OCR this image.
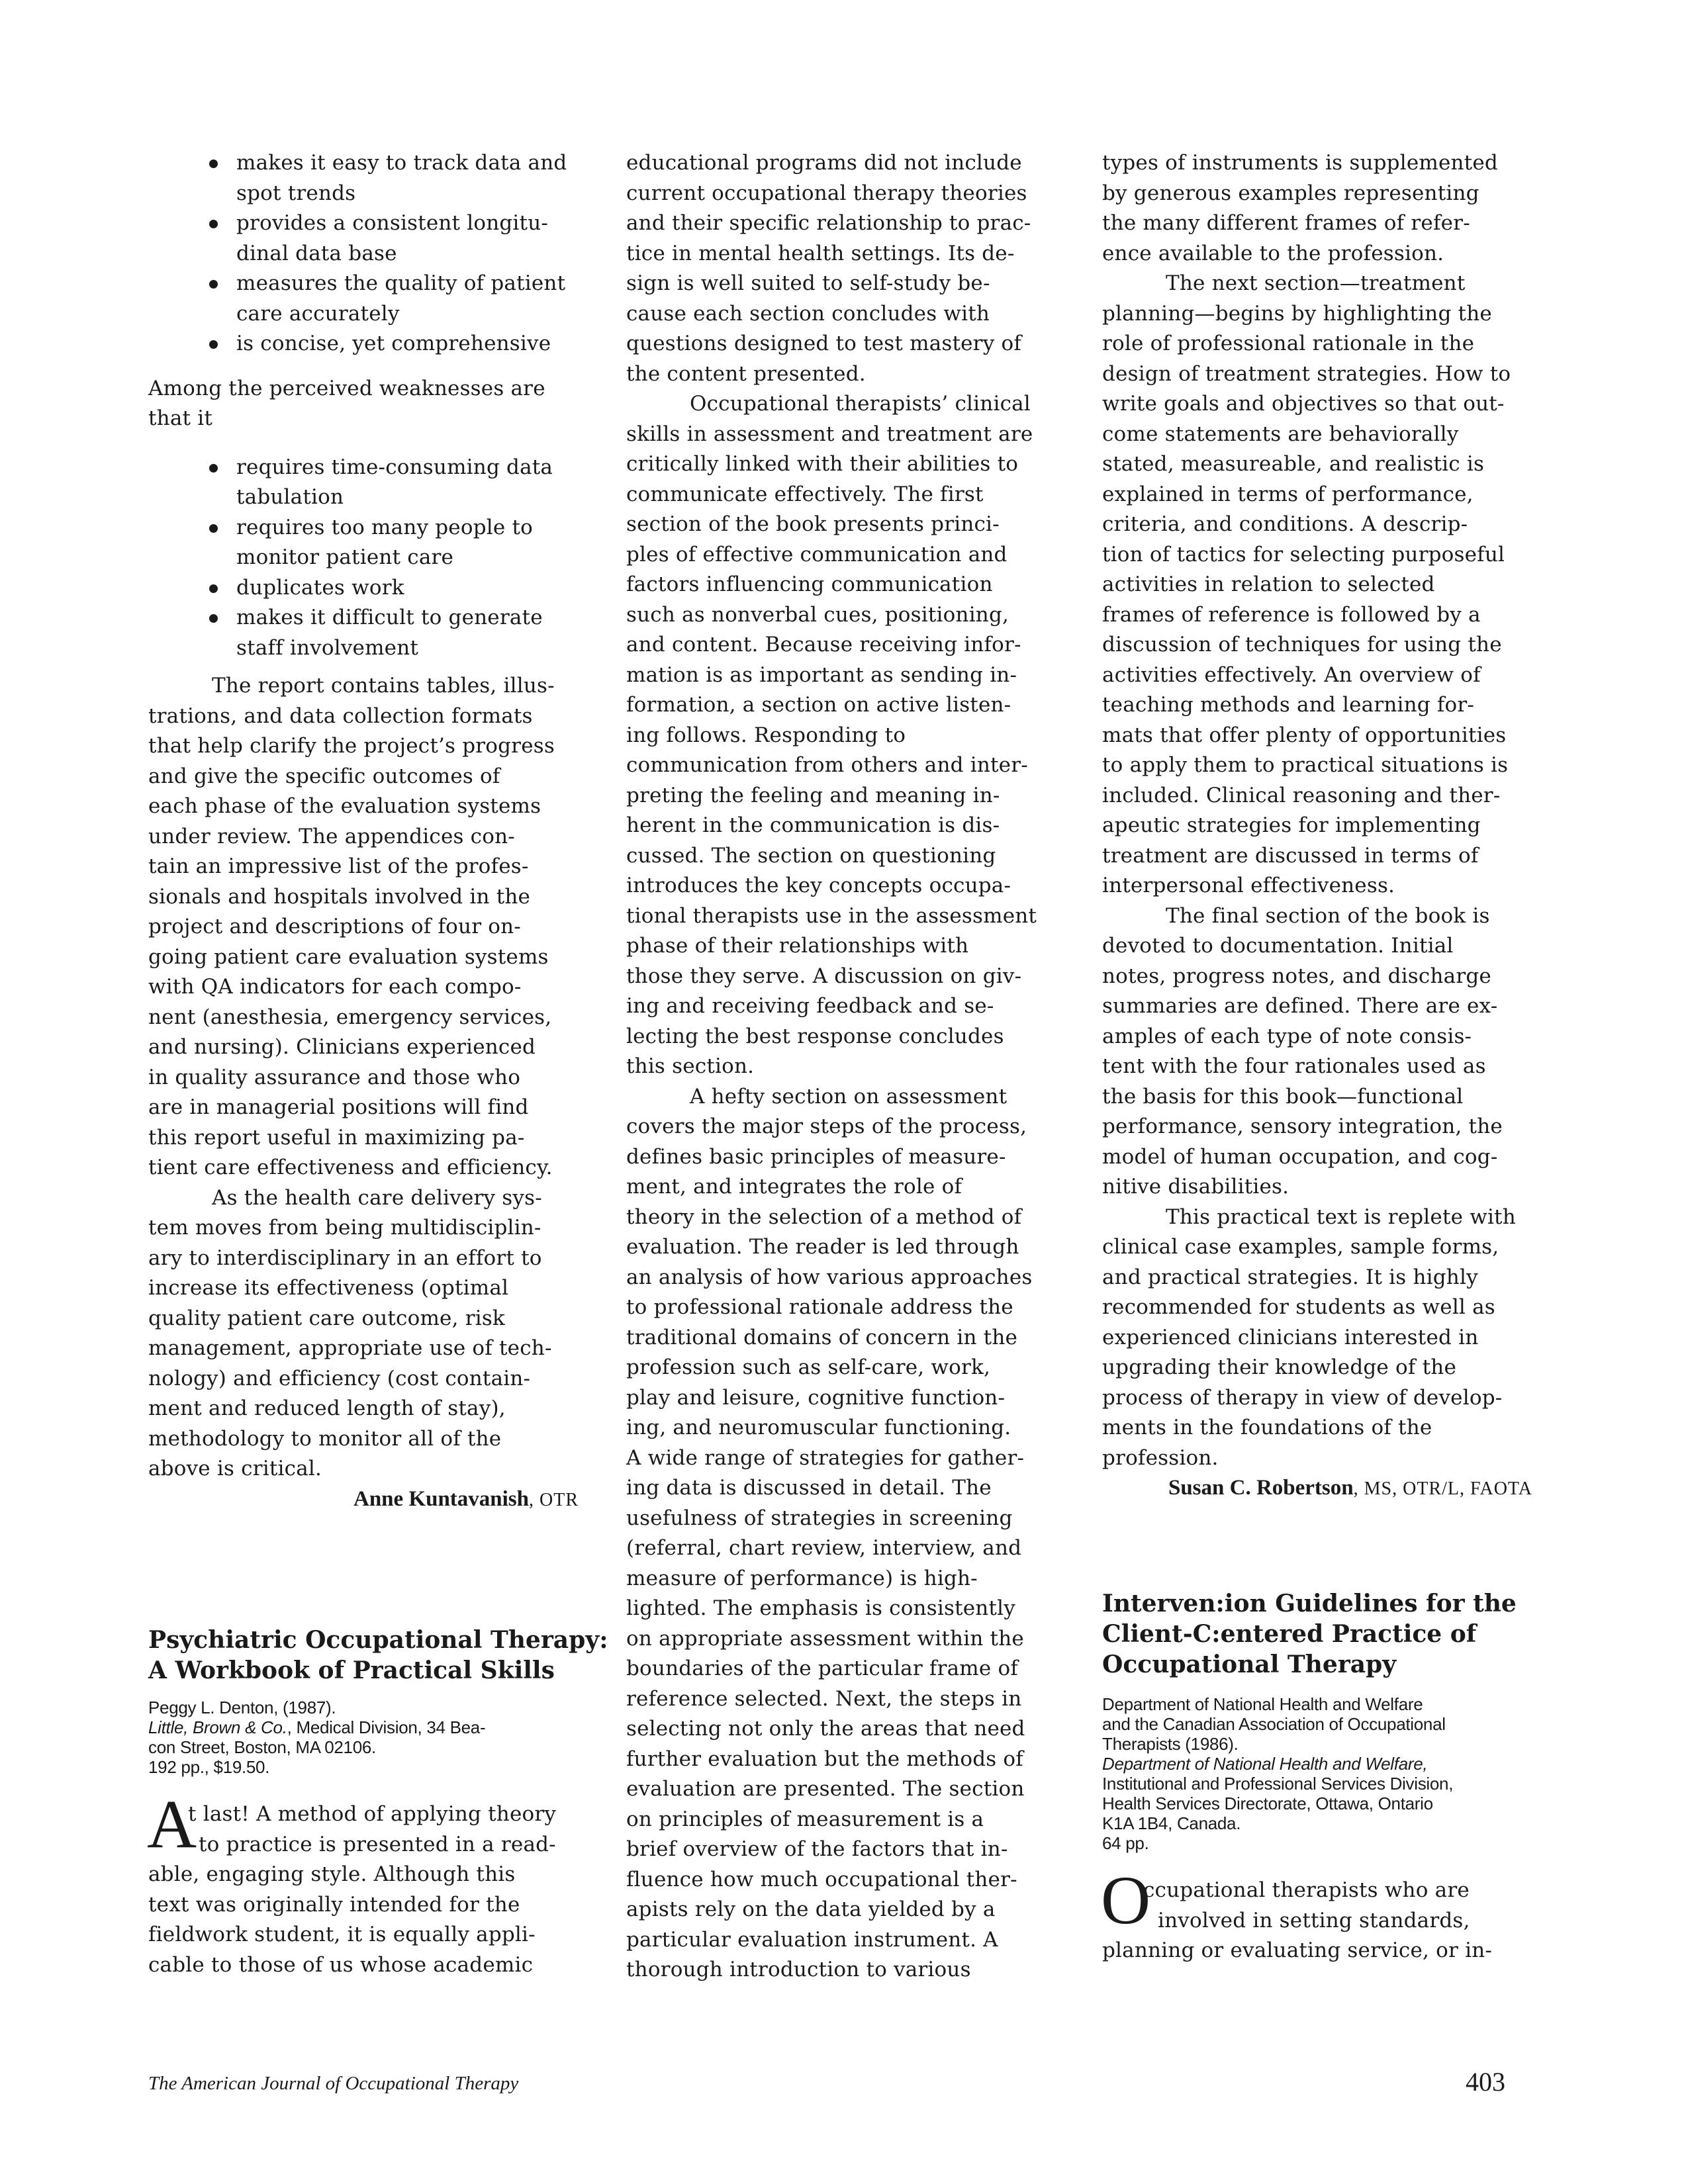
makes it easy to track data and
spot trends
provides a consistent longitu-
dinal data base
measures the quality of patient
care accurately
is concise, yet comprehensive
Among the perceived weaknesses are
that it
requires time-consuming data
tabulation
requires too many people to
monitor patient care
duplicates work
makes it difficult to generate
staff involvement
The report contains tables, illus-
trations, and data collection formats
that help clarify the project’s progress
and give the specific outcomes of
each phase of the evaluation systems
under review. The appendices con-
tain an impressive list of the profes-
sionals and hospitals involved in the
project and descriptions of four on-
going patient care evaluation systems
with QA indicators for each compo-
nent (anesthesia, emergency services,
and nursing). Clinicians experienced
in quality assurance and those who
are in managerial positions will find
this report useful in maximizing pa-
tient care effectiveness and efficiency.
As the health care delivery sys-
tem moves from being multidisciplin-
ary to interdisciplinary in an effort to
increase its effectiveness (optimal
quality patient care outcome, risk
management, appropriate use of tech-
nology) and efficiency (cost contain-
ment and reduced length of stay),
methodology to monitor all of the
above is critical.
Anne Kuntavanish, OTR
Psychiatric Occupational Therapy:
A Workbook of Practical Skills
Peggy L. Denton, (1987).
Little, Brown & Co., Medical Division, 34 Bea-
con Street, Boston, MA 02106.
192 pp., $19.50.
A
t last! A method of applying theory
to practice is presented in a read-
able, engaging style. Although this
text was originally intended for the
fieldwork student, it is equally appli-
cable to those of us whose academic
educational programs did not include
current occupational therapy theories
and their specific relationship to prac-
tice in mental health settings. Its de-
sign is well suited to self-study be-
cause each section concludes with
questions designed to test mastery of
the content presented.
Occupational therapists’ clinical
skills in assessment and treatment are
critically linked with their abilities to
communicate effectively. The first
section of the book presents princi-
ples of effective communication and
factors influencing communication
such as nonverbal cues, positioning,
and content. Because receiving infor-
mation is as important as sending in-
formation, a section on active listen-
ing follows. Responding to
communication from others and inter-
preting the feeling and meaning in-
herent in the communication is dis-
cussed. The section on questioning
introduces the key concepts occupa-
tional therapists use in the assessment
phase of their relationships with
those they serve. A discussion on giv-
ing and receiving feedback and se-
lecting the best response concludes
this section.
A hefty section on assessment
covers the major steps of the process,
defines basic principles of measure-
ment, and integrates the role of
theory in the selection of a method of
evaluation. The reader is led through
an analysis of how various approaches
to professional rationale address the
traditional domains of concern in the
profession such as self-care, work,
play and leisure, cognitive function-
ing, and neuromuscular functioning.
A wide range of strategies for gather-
ing data is discussed in detail. The
usefulness of strategies in screening
(referral, chart review, interview, and
measure of performance) is high-
lighted. The emphasis is consistently
on appropriate assessment within the
boundaries of the particular frame of
reference selected. Next, the steps in
selecting not only the areas that need
further evaluation but the methods of
evaluation are presented. The section
on principles of measurement is a
brief overview of the factors that in-
fluence how much occupational ther-
apists rely on the data yielded by a
particular evaluation instrument. A
thorough introduction to various
types of instruments is supplemented
by generous examples representing
the many different frames of refer-
ence available to the profession.
The next section—treatment
planning—begins by highlighting the
role of professional rationale in the
design of treatment strategies. How to
write goals and objectives so that out-
come statements are behaviorally
stated, measureable, and realistic is
explained in terms of performance,
criteria, and conditions. A descrip-
tion of tactics for selecting purposeful
activities in relation to selected
frames of reference is followed by a
discussion of techniques for using the
activities effectively. An overview of
teaching methods and learning for-
mats that offer plenty of opportunities
to apply them to practical situations is
included. Clinical reasoning and ther-
apeutic strategies for implementing
treatment are discussed in terms of
interpersonal effectiveness.
The final section of the book is
devoted to documentation. Initial
notes, progress notes, and discharge
summaries are defined. There are ex-
amples of each type of note consis-
tent with the four rationales used as
the basis for this book—functional
performance, sensory integration, the
model of human occupation, and cog-
nitive disabilities.
This practical text is replete with
clinical case examples, sample forms,
and practical strategies. It is highly
recommended for students as well as
experienced clinicians interested in
upgrading their knowledge of the
process of therapy in view of develop-
ments in the foundations of the
profession.
Susan C. Robertson, MS, OTR/L, FAOTA
Interven:ion Guidelines for the
Client-C:entered Practice of
Occupational Therapy
Department of National Health and Welfare
and the Canadian Association of Occupational
Therapists (1986).
Department of National Health and Welfare,
Institutional and Professional Services Division,
Health Services Directorate, Ottawa, Ontario
K1A 1B4, Canada.
64 pp.
O
ccupational therapists who are
involved in setting standards,
planning or evaluating service, or in-
The American Journal of Occupational Therapy	403
